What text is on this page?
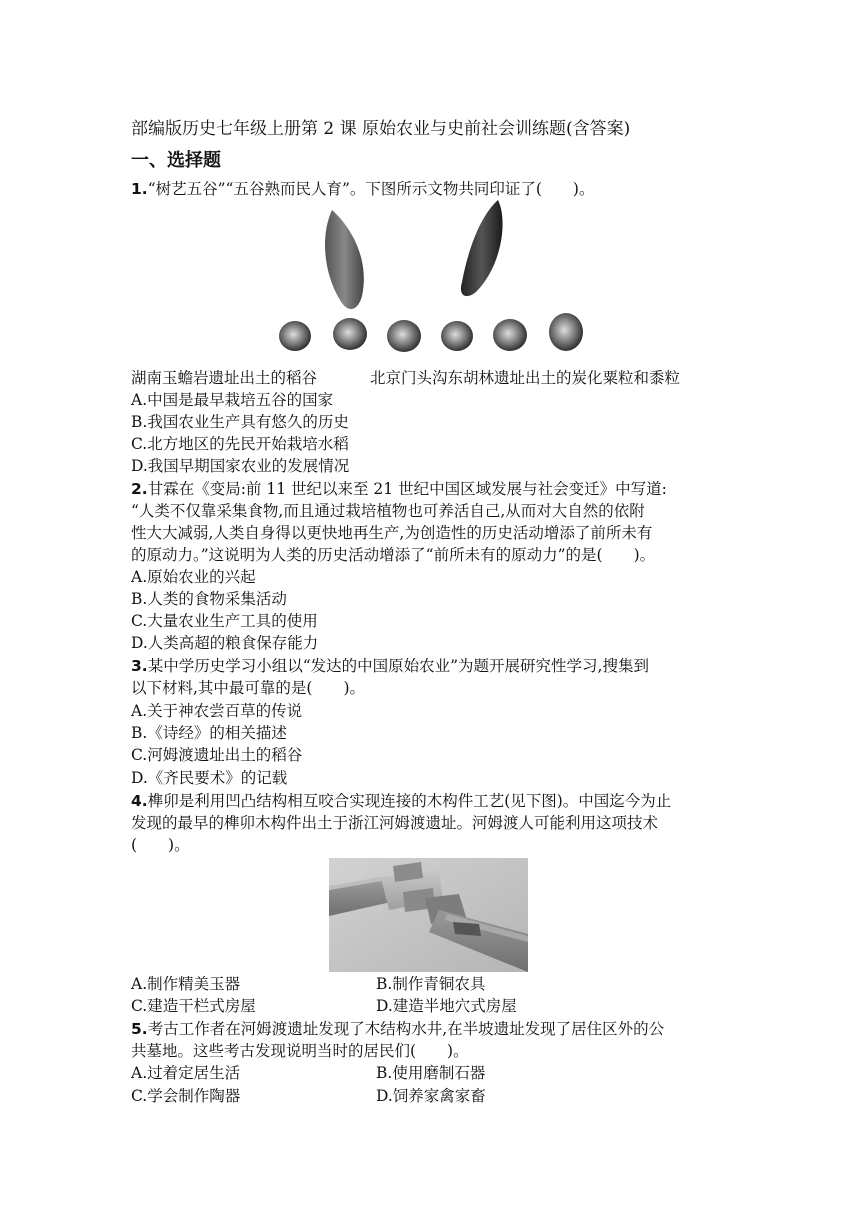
部编版历史七年级上册第 2 课 原始农业与史前社会训练题(含答案)
一、选择题
1.“树艺五谷”“五谷熟而民人育”。下图所示文物共同印证了(　　)。
湖南玉蟾岩遗址出土的稻谷	北京门头沟东胡林遗址出土的炭化粟粒和黍粒
A.中国是最早栽培五谷的国家
B.我国农业生产具有悠久的历史
C.北方地区的先民开始栽培水稻
D.我国早期国家农业的发展情况
2.甘霖在《变局:前 11 世纪以来至 21 世纪中国区域发展与社会变迁》中写道:
“人类不仅靠采集食物,而且通过栽培植物也可养活自己,从而对大自然的依附
性大大减弱,人类自身得以更快地再生产,为创造性的历史活动增添了前所未有
的原动力。”这说明为人类的历史活动增添了“前所未有的原动力”的是(　　)。
A.原始农业的兴起
B.人类的食物采集活动
C.大量农业生产工具的使用
D.人类高超的粮食保存能力
3.某中学历史学习小组以“发达的中国原始农业”为题开展研究性学习,搜集到
以下材料,其中最可靠的是(　　)。
A.关于神农尝百草的传说
B.《诗经》的相关描述
C.河姆渡遗址出土的稻谷
D.《齐民要术》的记载
4.榫卯是利用凹凸结构相互咬合实现连接的木构件工艺(见下图)。中国迄今为止
发现的最早的榫卯木构件出土于浙江河姆渡遗址。河姆渡人可能利用这项技术
(　　)。
A.制作精美玉器	B.制作青铜农具
C.建造干栏式房屋	D.建造半地穴式房屋
5.考古工作者在河姆渡遗址发现了木结构水井,在半坡遗址发现了居住区外的公
共墓地。这些考古发现说明当时的居民们(　　)。
A.过着定居生活	B.使用磨制石器
C.学会制作陶器	D.饲养家禽家畜
